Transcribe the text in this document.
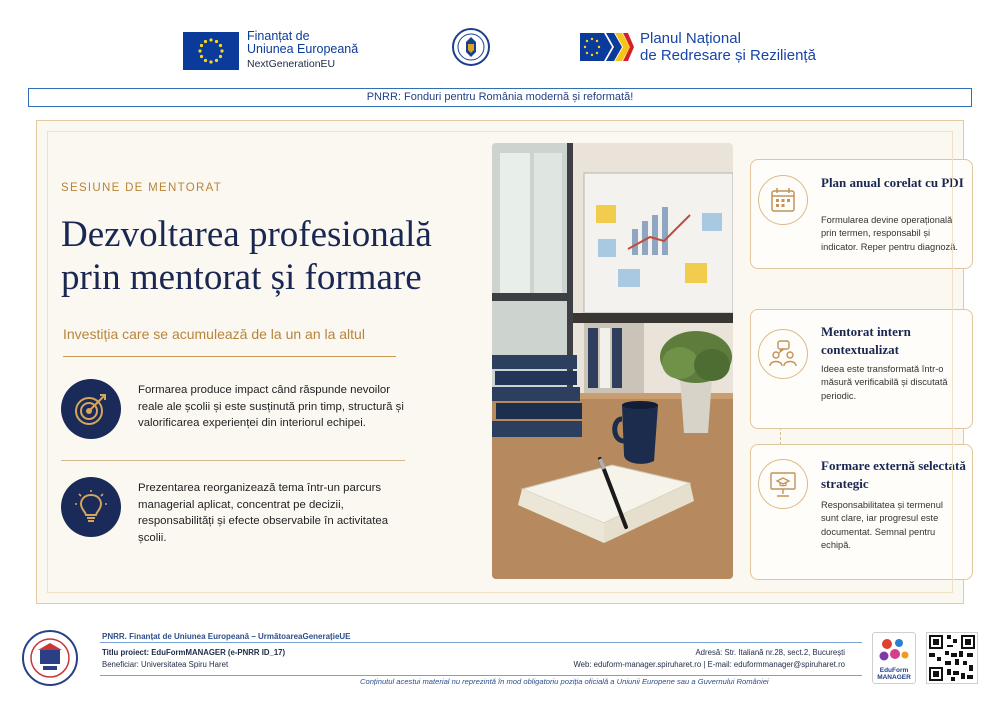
Finanțat de
Uniunea Europeană
NextGenerationEU
Planul Național
de Redresare și Reziliență
PNRR: Fonduri pentru România modernă și reformată!
SESIUNE DE MENTORAT
Dezvoltarea profesională
prin mentorat și formare
Investiția care se acumulează de la un an la altul
Formarea produce impact când răspunde nevoilor reale ale școlii și este susținută prin timp, structură și valorificarea experienței din interiorul echipei.
Prezentarea reorganizează tema într-un parcurs managerial aplicat, concentrat pe decizii, responsabilități și efecte observabile în activitatea școlii.
Plan anual corelat cu PDI
Formularea devine operațională prin termen, responsabil și indicator. Reper pentru diagnoză.
Mentorat intern contextualizat
Ideea este transformată într-o măsură verificabilă și discutată periodic.
Formare externă selectată strategic
Responsabilitatea și termenul sunt clare, iar progresul este documentat. Semnal pentru echipă.
PNRR. Finanțat de Uniunea Europeană – UrmătoareaGenerațieUE
Titlu proiect: EduFormMANAGER (e-PNRR ID_17)
Beneficiar: Universitatea Spiru Haret
Adresă: Str. Italiană nr.28, sect.2, București
Web: eduform-manager.spiruharet.ro | E-mail: eduformmanager@spiruharet.ro
Conținutul acestui material nu reprezintă în mod obligatoriu poziția oficială a Uniunii Europene sau a Guvernului României
EduForm
MANAGER
